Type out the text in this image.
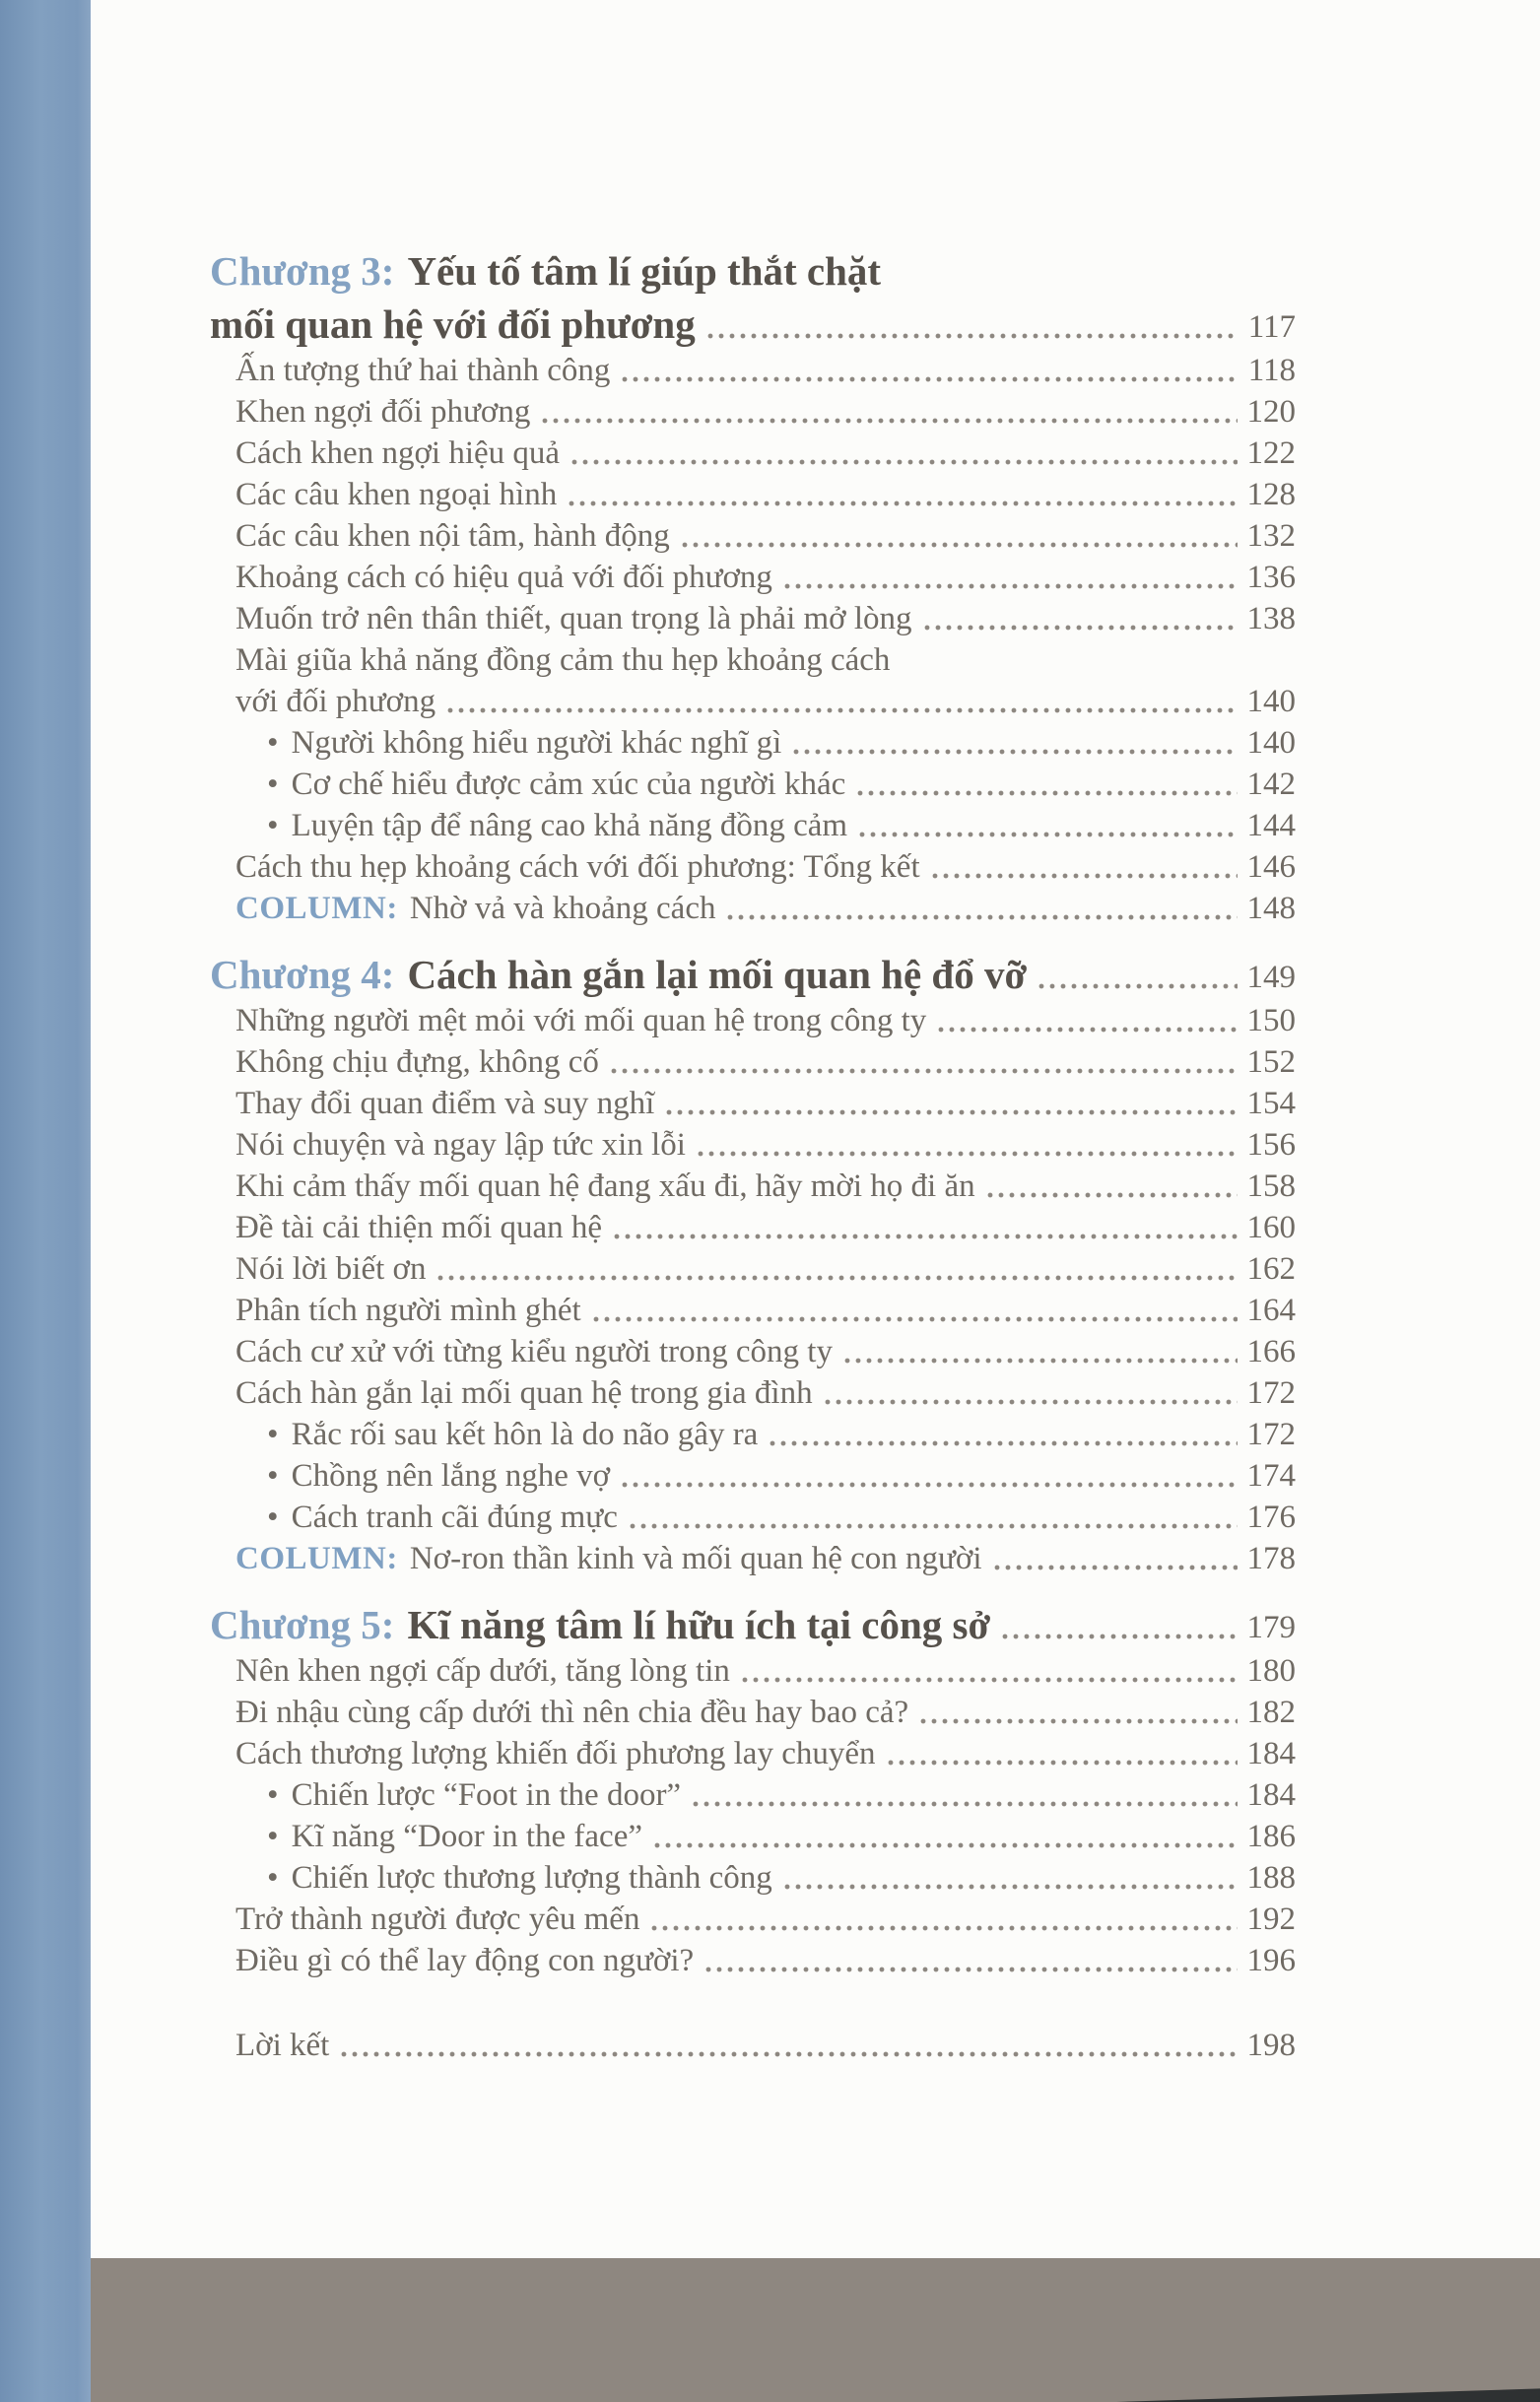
Chương 3: Yếu tố tâm lí giúp thắt chặt
mối quan hệ với đối phương	117
Ấn tượng thứ hai thành công	118
Khen ngợi đối phương	120
Cách khen ngợi hiệu quả	122
Các câu khen ngoại hình	128
Các câu khen nội tâm, hành động	132
Khoảng cách có hiệu quả với đối phương	136
Muốn trở nên thân thiết, quan trọng là phải mở lòng	138
Mài giũa khả năng đồng cảm thu hẹp khoảng cách
với đối phương	140
• Người không hiểu người khác nghĩ gì	140
• Cơ chế hiểu được cảm xúc của người khác	142
• Luyện tập để nâng cao khả năng đồng cảm	144
Cách thu hẹp khoảng cách với đối phương: Tổng kết	146
COLUMN: Nhờ vả và khoảng cách	148
Chương 4: Cách hàn gắn lại mối quan hệ đổ vỡ	149
Những người mệt mỏi với mối quan hệ trong công ty	150
Không chịu đựng, không cố	152
Thay đổi quan điểm và suy nghĩ	154
Nói chuyện và ngay lập tức xin lỗi	156
Khi cảm thấy mối quan hệ đang xấu đi, hãy mời họ đi ăn	158
Đề tài cải thiện mối quan hệ	160
Nói lời biết ơn	162
Phân tích người mình ghét	164
Cách cư xử với từng kiểu người trong công ty	166
Cách hàn gắn lại mối quan hệ trong gia đình	172
• Rắc rối sau kết hôn là do não gây ra	172
• Chồng nên lắng nghe vợ	174
• Cách tranh cãi đúng mực	176
COLUMN: Nơ-ron thần kinh và mối quan hệ con người	178
Chương 5: Kĩ năng tâm lí hữu ích tại công sở	179
Nên khen ngợi cấp dưới, tăng lòng tin	180
Đi nhậu cùng cấp dưới thì nên chia đều hay bao cả?	182
Cách thương lượng khiến đối phương lay chuyển	184
• Chiến lược “Foot in the door”	184
• Kĩ năng “Door in the face”	186
• Chiến lược thương lượng thành công	188
Trở thành người được yêu mến	192
Điều gì có thể lay động con người?	196
Lời kết	198
